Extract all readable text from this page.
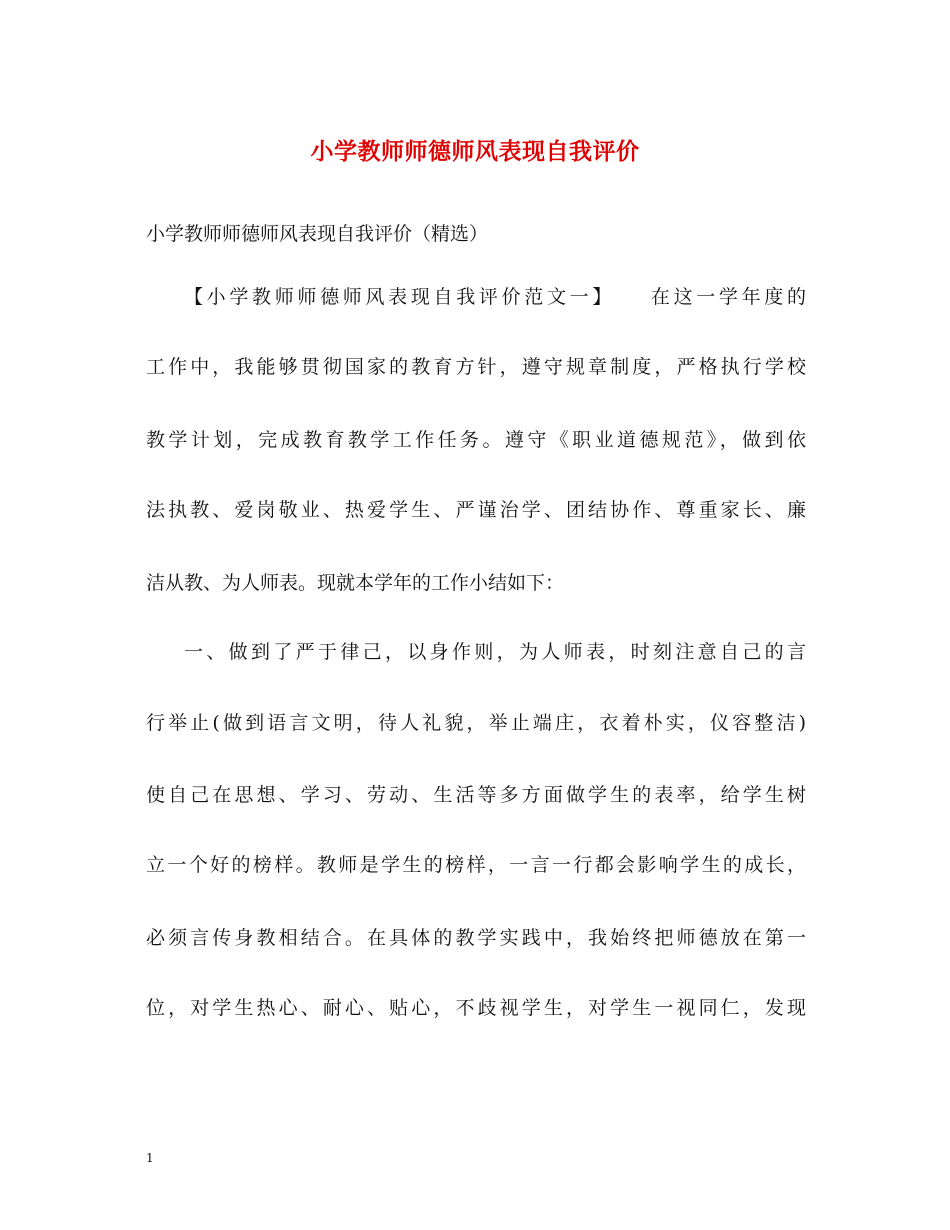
小学教师师德师风表现自我评价
小学教师师德师风表现自我评价（精选）
【小学教师师德师风表现自我评价范文一】　　在这一学年度的
工作中，我能够贯彻国家的教育方针，遵守规章制度，严格执行学校
教学计划，完成教育教学工作任务。遵守《职业道德规范》，做到依
法执教、爱岗敬业、热爱学生、严谨治学、团结协作、尊重家长、廉
洁从教、为人师表。现就本学年的工作小结如下：
一、做到了严于律己，以身作则，为人师表，时刻注意自己的言
行举止(做到语言文明，待人礼貌，举止端庄，衣着朴实，仪容整洁)
使自己在思想、学习、劳动、生活等多方面做学生的表率，给学生树
立一个好的榜样。教师是学生的榜样，一言一行都会影响学生的成长，
必须言传身教相结合。在具体的教学实践中，我始终把师德放在第一
位，对学生热心、耐心、贴心，不歧视学生，对学生一视同仁，发现
1
